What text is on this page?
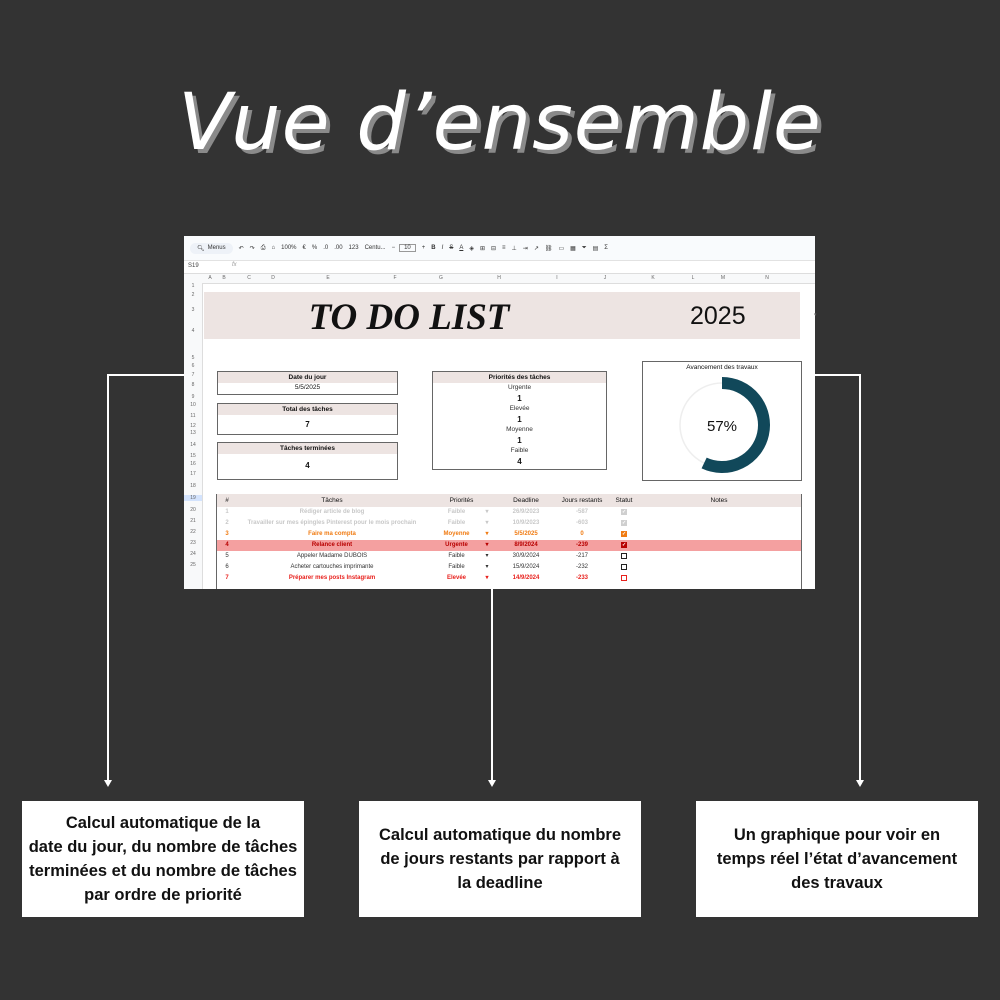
Vue d’ensemble
🔍︎ Menus ↶ ↷ ⎙ ⌂ 100% € % .0 .00 123 Centu... −	10	+ B I S A ◈ ⊞ ⊟ ≡ ⊥ ⇥ ↗ ⛓ ▭ ▦ ⏷ ▤ Σ
S19	fx
A	B	C	D	E	F	G	H	I	J	K	L	M	N
1
2
3
4
5
6
7
8
9
10
11
12
13
14
15
16
17
18
19
20
21
22
23
24
25
TO DO LIST	2025	▾
Date du jour
5/5/2025
Total des tâches
7
Tâches terminées
4
Priorités des tâches
Urgente
1
Elevée
1
Moyenne
1
Faible
4
57%
Avancement des travaux
#	Tâches	Priorités	Deadline	Jours restants	Statut	Notes
1	Rédiger article de blog	Faible	26/9/2023	-587
▾	✓
2	Travailler sur mes épingles Pinterest pour le mois prochain	Faible	10/9/2023	-603
▾	✓
3	Faire ma compta	Moyenne	5/5/2025	0
▾	✓
4	Relance client	Urgente	8/9/2024	-239
▾	✓
5	Appeler Madame DUBOIS	Faible	30/9/2024	-217
▾
6	Acheter cartouches imprimante	Faible	15/9/2024	-232
▾
7	Préparer mes posts Instagram	Elevée	14/9/2024	-233
▾
Calcul automatique de la
date du jour, du nombre de tâches
terminées et du nombre de tâches
par ordre de priorité
Calcul automatique du nombre
de jours restants par rapport à
la deadline
Un graphique pour voir en
temps réel l’état d’avancement
des travaux
